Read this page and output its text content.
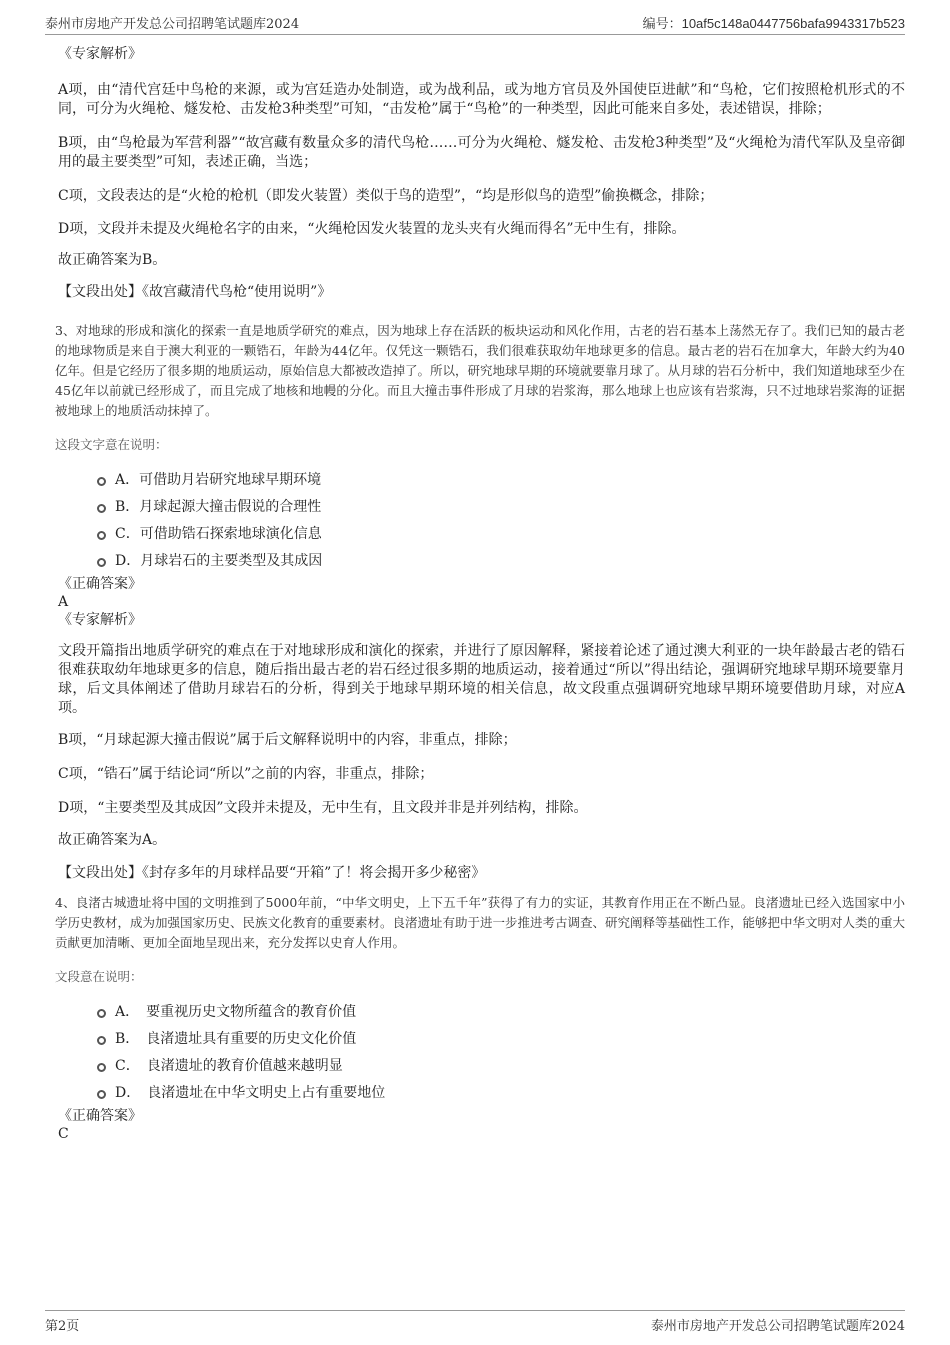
泰州市房地产开发总公司招聘笔试题库2024	编号：10af5c148a0447756bafa9943317b523

《专家解析》

A项，由“清代宫廷中鸟枪的来源，或为宫廷造办处制造，或为战利品，或为地方官员及外国使臣进献”和“鸟枪，它们按照枪机形式的不同，可分为火绳枪、燧发枪、击发枪3种类型”可知，“击发枪”属于“鸟枪”的一种类型，因此可能来自多处，表述错误，排除；

B项，由“鸟枪最为军营利器”“故宫藏有数量众多的清代鸟枪……可分为火绳枪、燧发枪、击发枪3种类型”及“火绳枪为清代军队及皇帝御用的最主要类型”可知，表述正确，当选；

C项，文段表达的是“火枪的枪机（即发火装置）类似于鸟的造型”，“均是形似鸟的造型”偷换概念，排除；

D项，文段并未提及火绳枪名字的由来，“火绳枪因发火装置的龙头夹有火绳而得名”无中生有，排除。

故正确答案为B。

【文段出处】《故宫藏清代鸟枪“使用说明”》

3、对地球的形成和演化的探索一直是地质学研究的难点，因为地球上存在活跃的板块运动和风化作用，古老的岩石基本上荡然无存了。我们已知的最古老的地球物质是来自于澳大利亚的一颗锆石，年龄为44亿年。仅凭这一颗锆石，我们很难获取幼年地球更多的信息。最古老的岩石在加拿大，年龄大约为40亿年。但是它经历了很多期的地质运动，原始信息大都被改造掉了。所以，研究地球早期的环境就要靠月球了。从月球的岩石分析中，我们知道地球至少在45亿年以前就已经形成了，而且完成了地核和地幔的分化。而且大撞击事件形成了月球的岩浆海，那么地球上也应该有岩浆海，只不过地球岩浆海的证据被地球上的地质活动抹掉了。

这段文字意在说明：

A．可借助月岩研究地球早期环境
B．月球起源大撞击假说的合理性
C．可借助锆石探索地球演化信息
D．月球岩石的主要类型及其成因

《正确答案》

A

《专家解析》

文段开篇指出地质学研究的难点在于对地球形成和演化的探索，并进行了原因解释，紧接着论述了通过澳大利亚的一块年龄最古老的锆石很难获取幼年地球更多的信息，随后指出最古老的岩石经过很多期的地质运动，接着通过“所以”得出结论，强调研究地球早期环境要靠月球，后文具体阐述了借助月球岩石的分析，得到关于地球早期环境的相关信息，故文段重点强调研究地球早期环境要借助月球，对应A项。

B项，“月球起源大撞击假说”属于后文解释说明中的内容，非重点，排除；

C项，“锆石”属于结论词“所以”之前的内容，非重点，排除；

D项，“主要类型及其成因”文段并未提及，无中生有，且文段并非是并列结构，排除。

故正确答案为A。

【文段出处】《封存多年的月球样品要“开箱”了！将会揭开多少秘密》

4、良渚古城遗址将中国的文明推到了5000年前，“中华文明史，上下五千年”获得了有力的实证，其教育作用正在不断凸显。良渚遗址已经入选国家中小学历史教材，成为加强国家历史、民族文化教育的重要素材。良渚遗址有助于进一步推进考古调查、研究阐释等基础性工作，能够把中华文明对人类的重大贡献更加清晰、更加全面地呈现出来，充分发挥以史育人作用。

文段意在说明：

A．　要重视历史文物所蕴含的教育价值
B．　良渚遗址具有重要的历史文化价值
C．　良渚遗址的教育价值越来越明显
D．　良渚遗址在中华文明史上占有重要地位

《正确答案》

C

第2页	泰州市房地产开发总公司招聘笔试题库2024
